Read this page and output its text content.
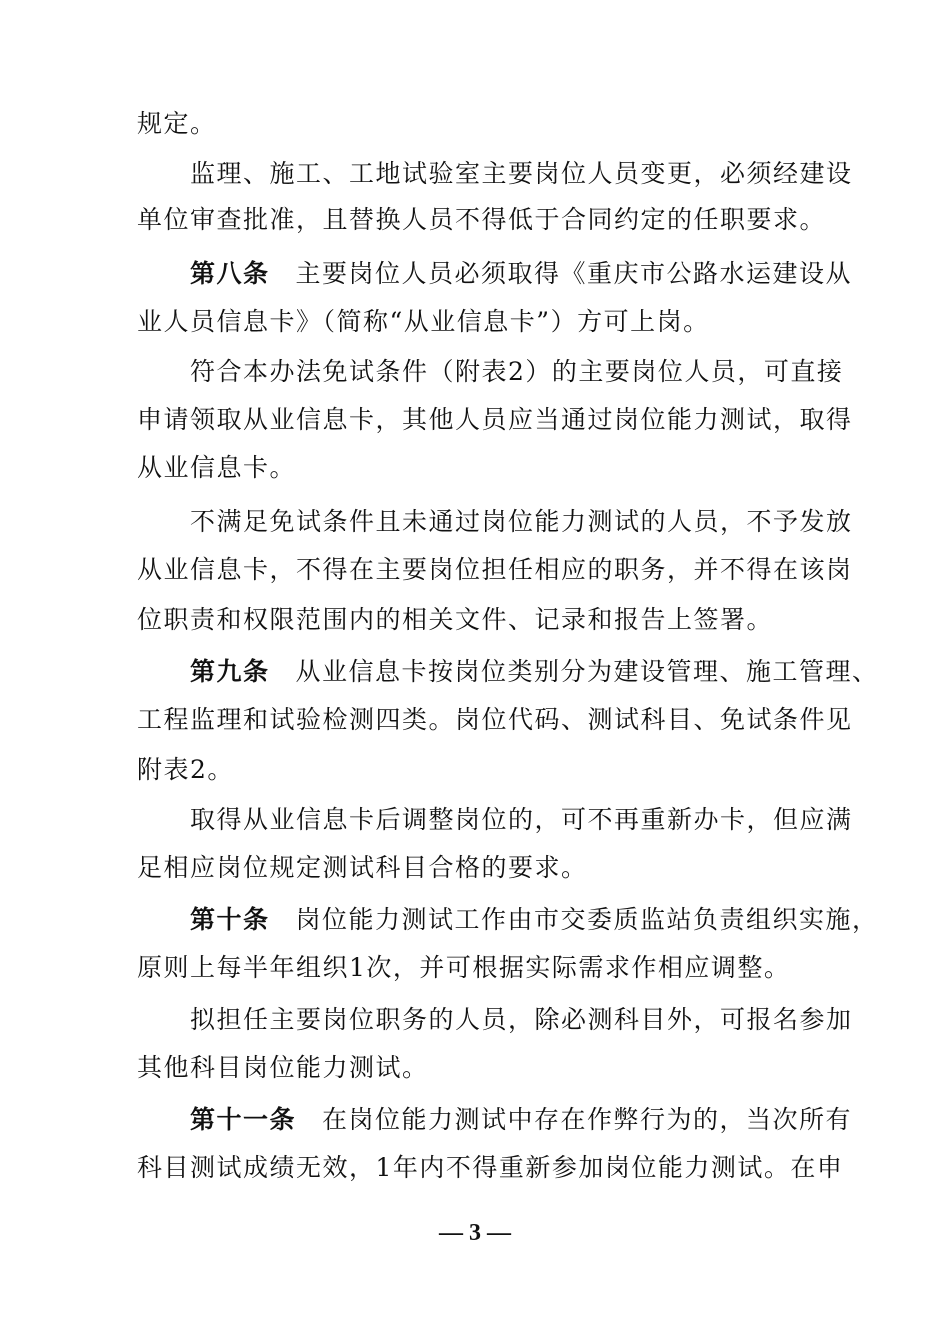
规定。
监理、施工、工地试验室主要岗位人员变更，必须经建设
单位审查批准，且替换人员不得低于合同约定的任职要求。
第八条 主要岗位人员必须取得《重庆市公路水运建设从
业人员信息卡》（简称“从业信息卡”）方可上岗。
符合本办法免试条件（附表2）的主要岗位人员，可直接
申请领取从业信息卡，其他人员应当通过岗位能力测试，取得
从业信息卡。
不满足免试条件且未通过岗位能力测试的人员，不予发放
从业信息卡，不得在主要岗位担任相应的职务，并不得在该岗
位职责和权限范围内的相关文件、记录和报告上签署。
第九条 从业信息卡按岗位类别分为建设管理、施工管理、
工程监理和试验检测四类。岗位代码、测试科目、免试条件见
附表2。
取得从业信息卡后调整岗位的，可不再重新办卡，但应满
足相应岗位规定测试科目合格的要求。
第十条 岗位能力测试工作由市交委质监站负责组织实施，
原则上每半年组织1次，并可根据实际需求作相应调整。
拟担任主要岗位职务的人员，除必测科目外，可报名参加
其他科目岗位能力测试。
第十一条 在岗位能力测试中存在作弊行为的，当次所有
科目测试成绩无效，1年内不得重新参加岗位能力测试。在申
— 3 —
